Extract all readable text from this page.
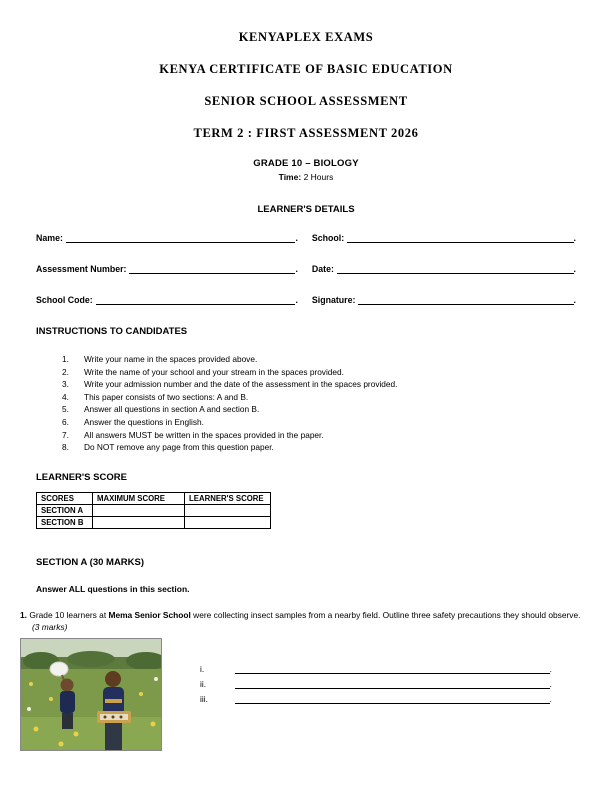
KENYAPLEX EXAMS
KENYA CERTIFICATE OF BASIC EDUCATION
SENIOR SCHOOL ASSESSMENT
TERM 2 : FIRST ASSESSMENT 2026
GRADE 10 – BIOLOGY
Time: 2 Hours
LEARNER'S DETAILS
Name:	. School:	.
Assessment Number:	. Date:	.
School Code:	. Signature:	.
INSTRUCTIONS TO CANDIDATES
1.	Write your name in the spaces provided above.
2.	Write the name of your school and your stream in the spaces provided.
3.	Write your admission number and the date of the assessment in the spaces provided.
4.	This paper consists of two sections: A and B.
5.	Answer all questions in section A and section B.
6.	Answer the questions in English.
7.	All answers MUST be written in the spaces provided in the paper.
8.	Do NOT remove any page from this question paper.
LEARNER'S SCORE
SCORES	MAXIMUM SCORE	LEARNER'S SCORE
SECTION A		
SECTION B		
SECTION A (30 MARKS)
Answer ALL questions in this section.
1. Grade 10 learners at Mema Senior School were collecting insect samples from a nearby field. Outline three safety precautions they should observe.
(3 marks)
i.	.
ii.	.
iii.	.
